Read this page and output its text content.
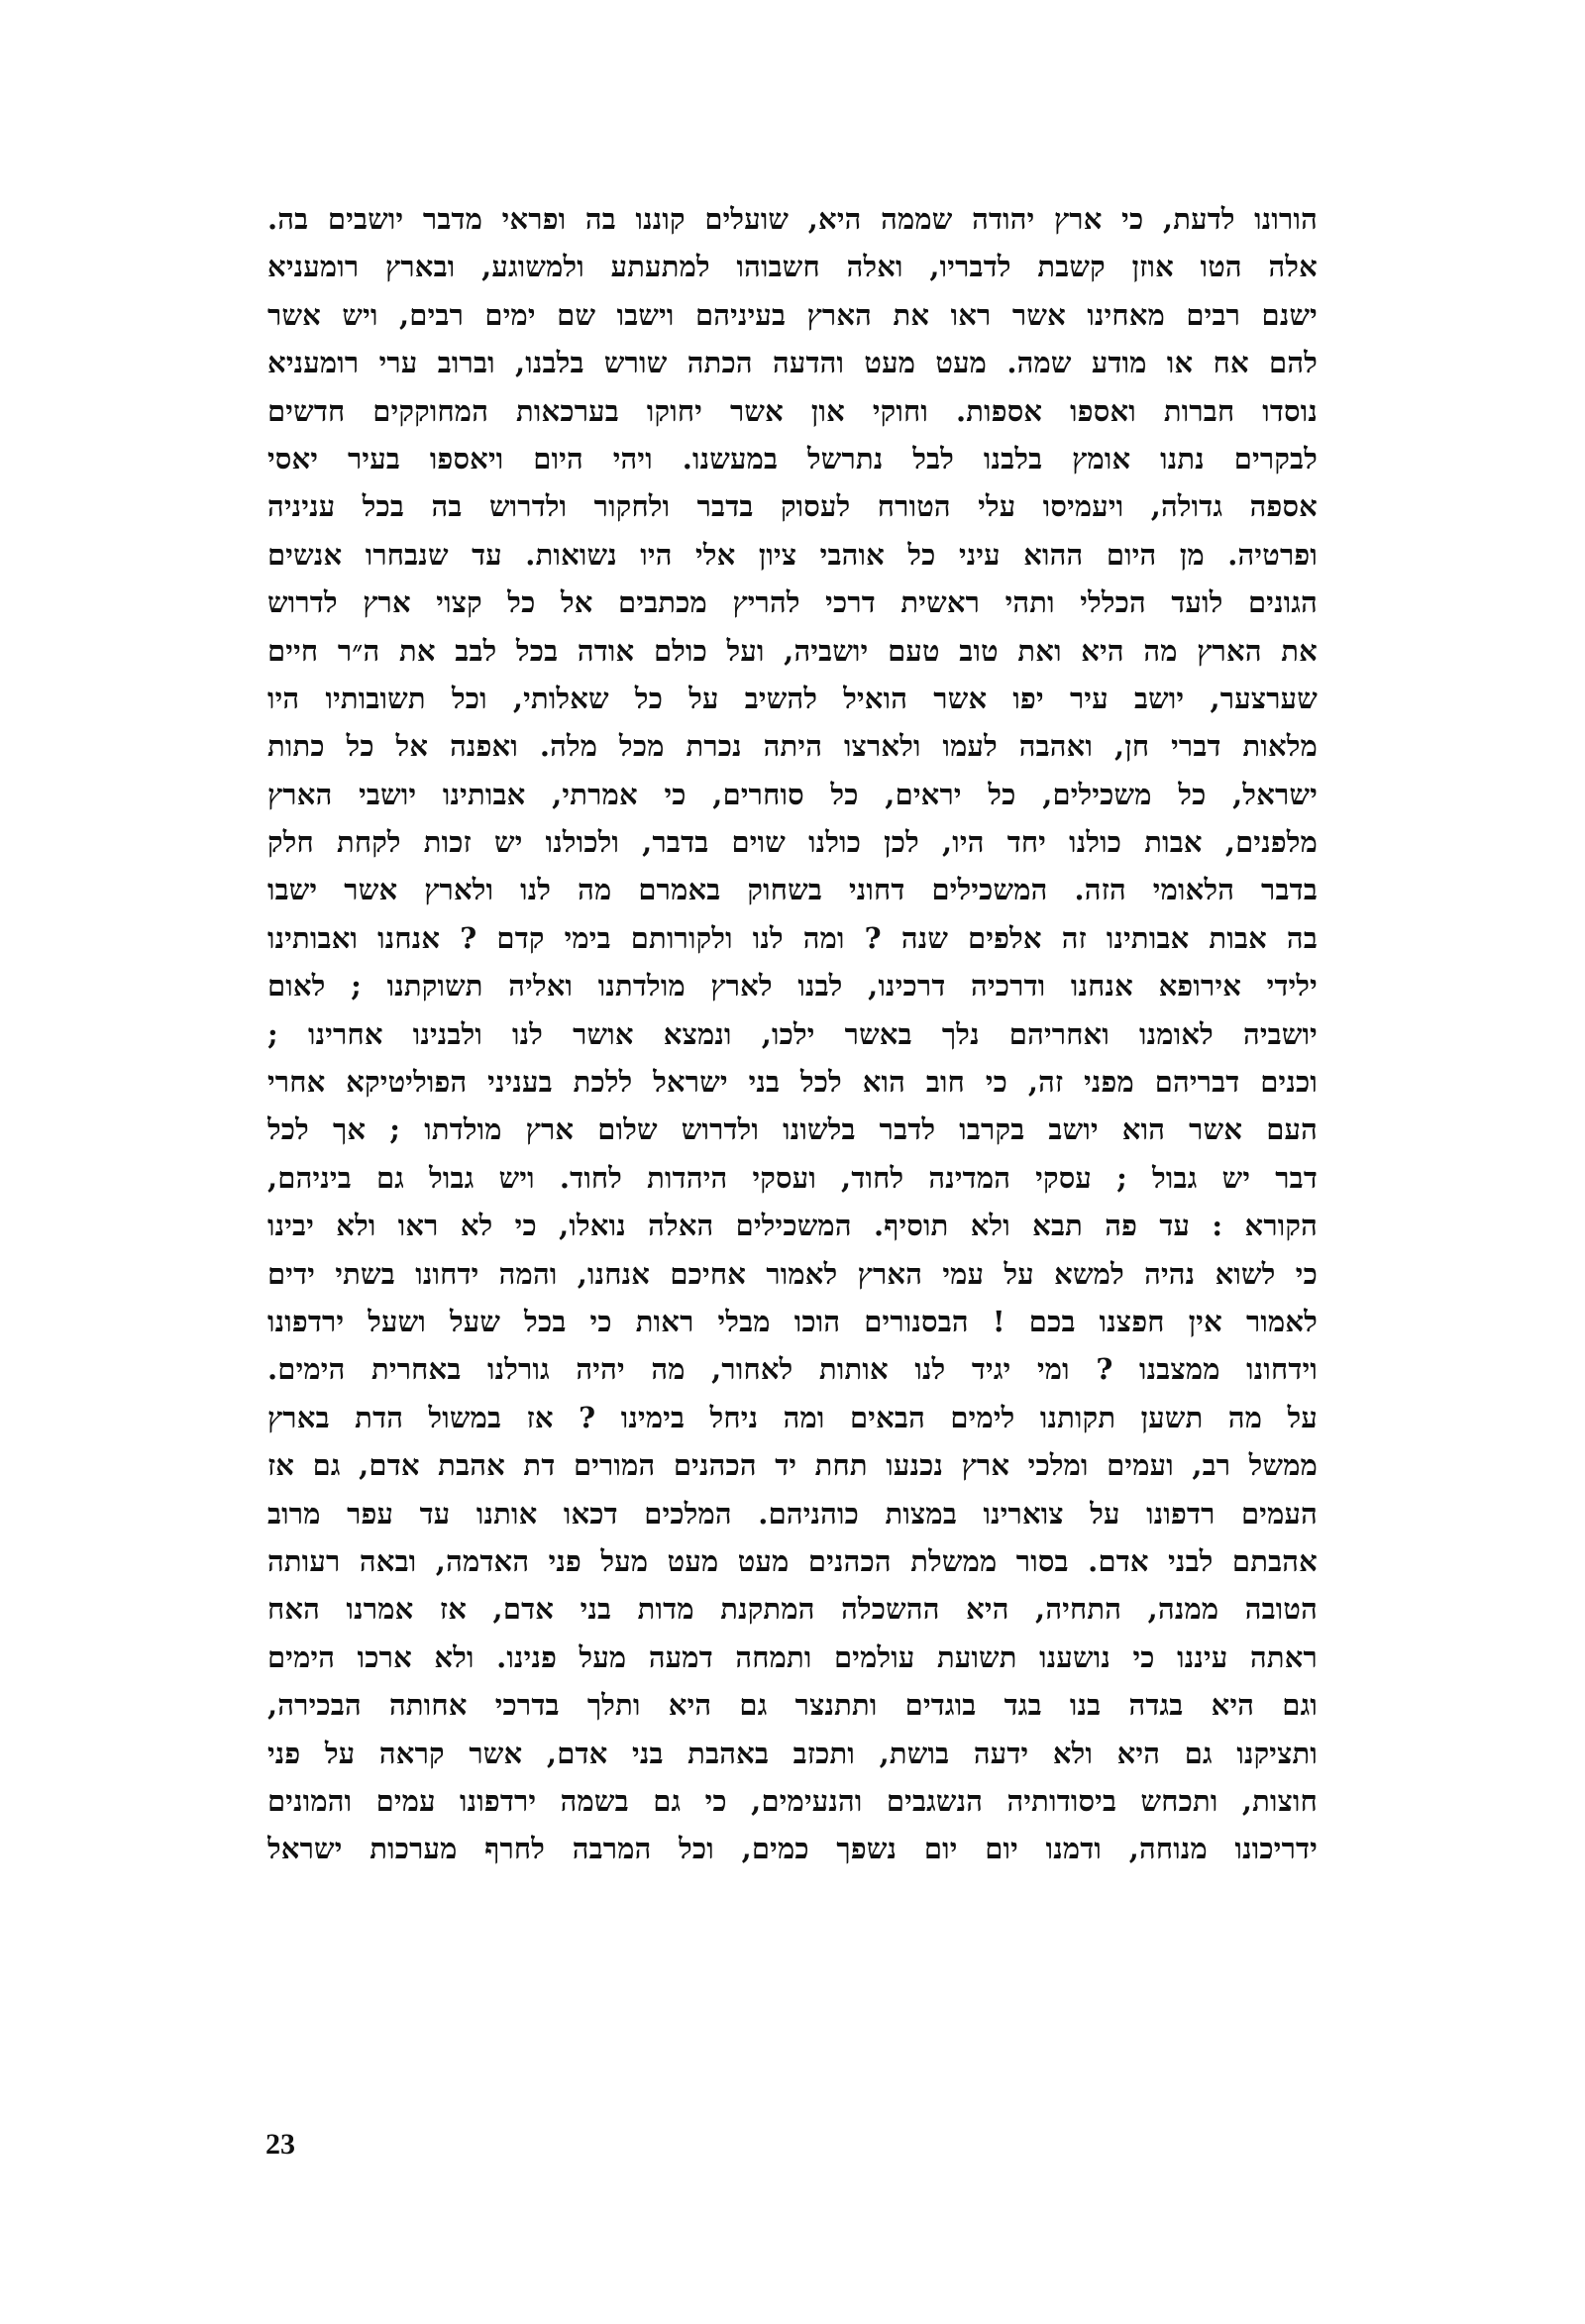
הורונו לדעת, כי ארץ יהודה שממה היא, שועלים קוננו בה ופראי מדבר יושבים בה.
אלה הטו אוזן קשבת לדבריו, ואלה חשבוהו למתעתע ולמשוגע, ובארץ רומעניא
ישנם רבים מאחינו אשר ראו את הארץ בעיניהם וישבו שם ימים רבים, ויש אשר
להם אח או מודע שמה. מעט מעט והדעה הכתה שורש בלבנו, וברוב ערי רומעניא
נוסדו חברות ואספו אספות. וחוקי און אשר יחוקו בערכאות המחוקקים חדשים
לבקרים נתנו אומץ בלבנו לבל נתרשל במעשנו. ויהי היום ויאספו בעיר יאסי
אספה גדולה, ויעמיסו עלי הטורח לעסוק בדבר ולחקור ולדרוש בה בכל עניניה
ופרטיה. מן היום ההוא עיני כל אוהבי ציון אלי היו נשואות. עד שנבחרו אנשים
הגונים לועד הכללי ותהי ראשית דרכי להריץ מכתבים אל כל קצוי ארץ לדרוש
את הארץ מה היא ואת טוב טעם יושביה, ועל כולם אודה בכל לבב את ה״ר חיים
שערצער, יושב עיר יפו אשר הואיל להשיב על כל שאלותי, וכל תשובותיו היו
מלאות דברי חן, ואהבה לעמו ולארצו היתה נכרת מכל מלה. ואפנה אל כל כתות
ישראל, כל משכילים, כל יראים, כל סוחרים, כי אמרתי, אבותינו יושבי הארץ
מלפנים, אבות כולנו יחד היו, לכן כולנו שוים בדבר, ולכולנו יש זכות לקחת חלק
בדבר הלאומי הזה. המשכילים דחוני בשחוק באמרם מה לנו ולארץ אשר ישבו
בה אבות אבותינו זה אלפים שנה ? ומה לנו ולקורותם בימי קדם ? אנחנו ואבותינו
ילידי אירופא אנחנו ודרכיה דרכינו, לבנו לארץ מולדתנו ואליה תשוקתנו ; לאום
יושביה לאומנו ואחריהם נלך באשר ילכו, ונמצא אושר לנו ולבנינו אחרינו ;
וכנים דבריהם מפני זה, כי חוב הוא לכל בני ישראל ללכת בעניני הפוליטיקא אחרי
העם אשר הוא יושב בקרבו לדבר בלשונו ולדרוש שלום ארץ מולדתו ; אך לכל
דבר יש גבול ; עסקי המדינה לחוד, ועסקי היהדות לחוד. ויש גבול גם ביניהם,
הקורא : עד פה תבא ולא תוסיף. המשכילים האלה נואלו, כי לא ראו ולא יבינו
כי לשוא נהיה למשא על עמי הארץ לאמור אחיכם אנחנו, והמה ידחונו בשתי ידים
לאמור אין חפצנו בכם ! הבסנורים הוכו מבלי ראות כי בכל שעל ושעל ירדפונו
וידחונו ממצבנו ? ומי יגיד לנו אותות לאחור, מה יהיה גורלנו באחרית הימים.
על מה תשען תקותנו לימים הבאים ומה ניחל בימינו ? אז במשול הדת בארץ
ממשל רב, ועמים ומלכי ארץ נכנעו תחת יד הכהנים המורים דת אהבת אדם, גם אז
העמים רדפונו על צוארינו במצות כוהניהם. המלכים דכאו אותנו עד עפר מרוב
אהבתם לבני אדם. בסור ממשלת הכהנים מעט מעט מעל פני האדמה, ובאה רעותה
הטובה ממנה, התחיה, היא ההשכלה המתקנת מדות בני אדם, אז אמרנו האח
ראתה עיננו כי נושענו תשועת עולמים ותמחה דמעה מעל פנינו. ולא ארכו הימים
וגם היא בגדה בנו בגד בוגדים ותתנצר גם היא ותלך בדרכי אחותה הבכירה,
ותציקנו גם היא ולא ידעה בושת, ותכזב באהבת בני אדם, אשר קראה על פני
חוצות, ותכחש ביסודותיה הנשגבים והנעימים, כי גם בשמה ירדפונו עמים והמונים
ידריכונו מנוחה, ודמנו יום יום נשפך כמים, וכל המרבה לחרף מערכות ישראל
23
